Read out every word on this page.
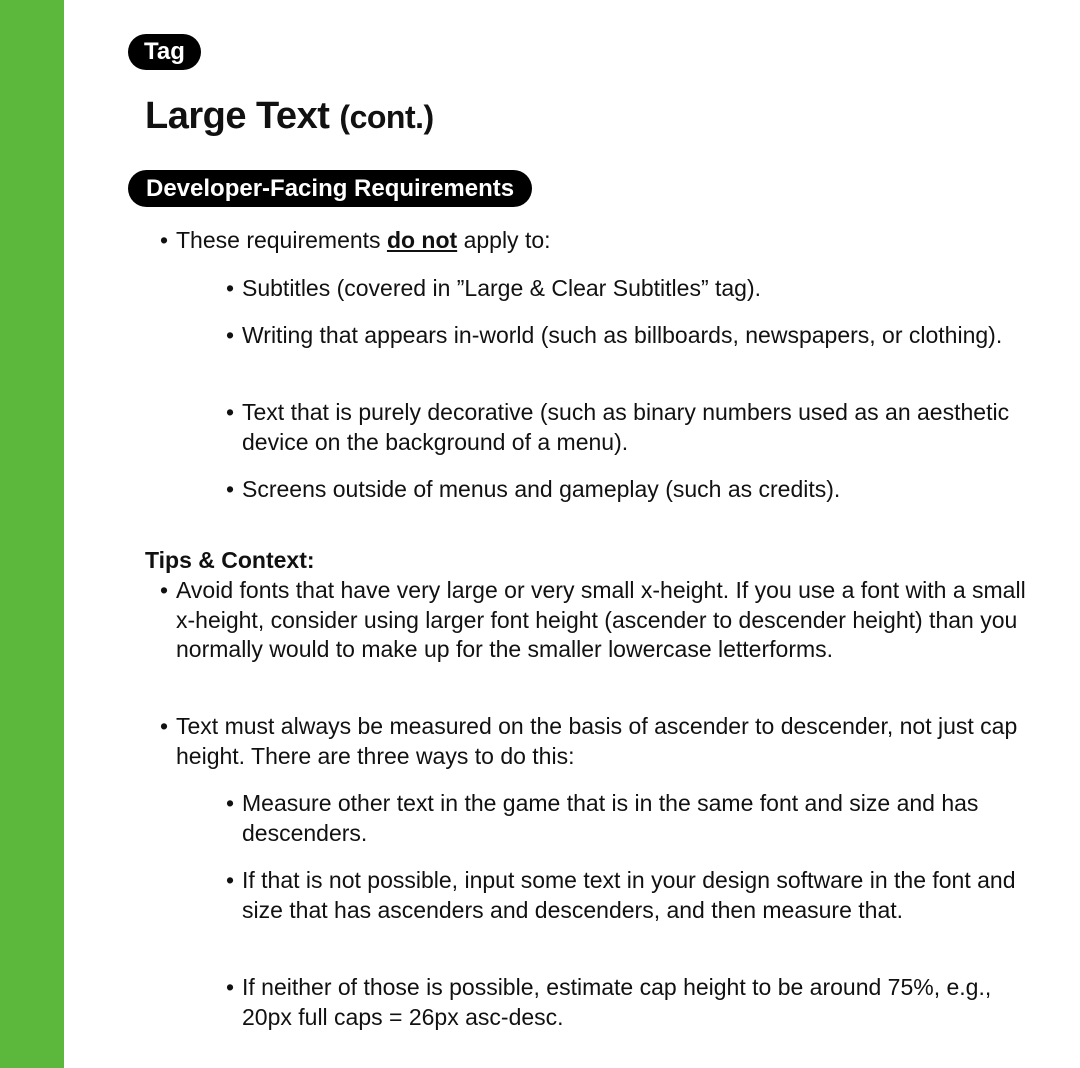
Tag
Large Text (cont.)
Developer-Facing Requirements

• These requirements do not apply to:

• Subtitles (covered in ”Large & Clear Subtitles” tag).

• Writing that appears in-world (such as billboards, newspapers, or clothing).

• Text that is purely decorative (such as binary numbers used as an aesthetic device on the background of a menu).

• Screens outside of menus and gameplay (such as credits).

Tips & Context:

• Avoid fonts that have very large or very small x-height. If you use a font with a small x-height, consider using larger font height (ascender to descender height) than you normally would to make up for the smaller lowercase letterforms.

• Text must always be measured on the basis of ascender to descender, not just cap height. There are three ways to do this:

• Measure other text in the game that is in the same font and size and has descenders.

• If that is not possible, input some text in your design software in the font and size that has ascenders and descenders, and then measure that.

• If neither of those is possible, estimate cap height to be around 75%, e.g., 20px full caps = 26px asc-desc.
